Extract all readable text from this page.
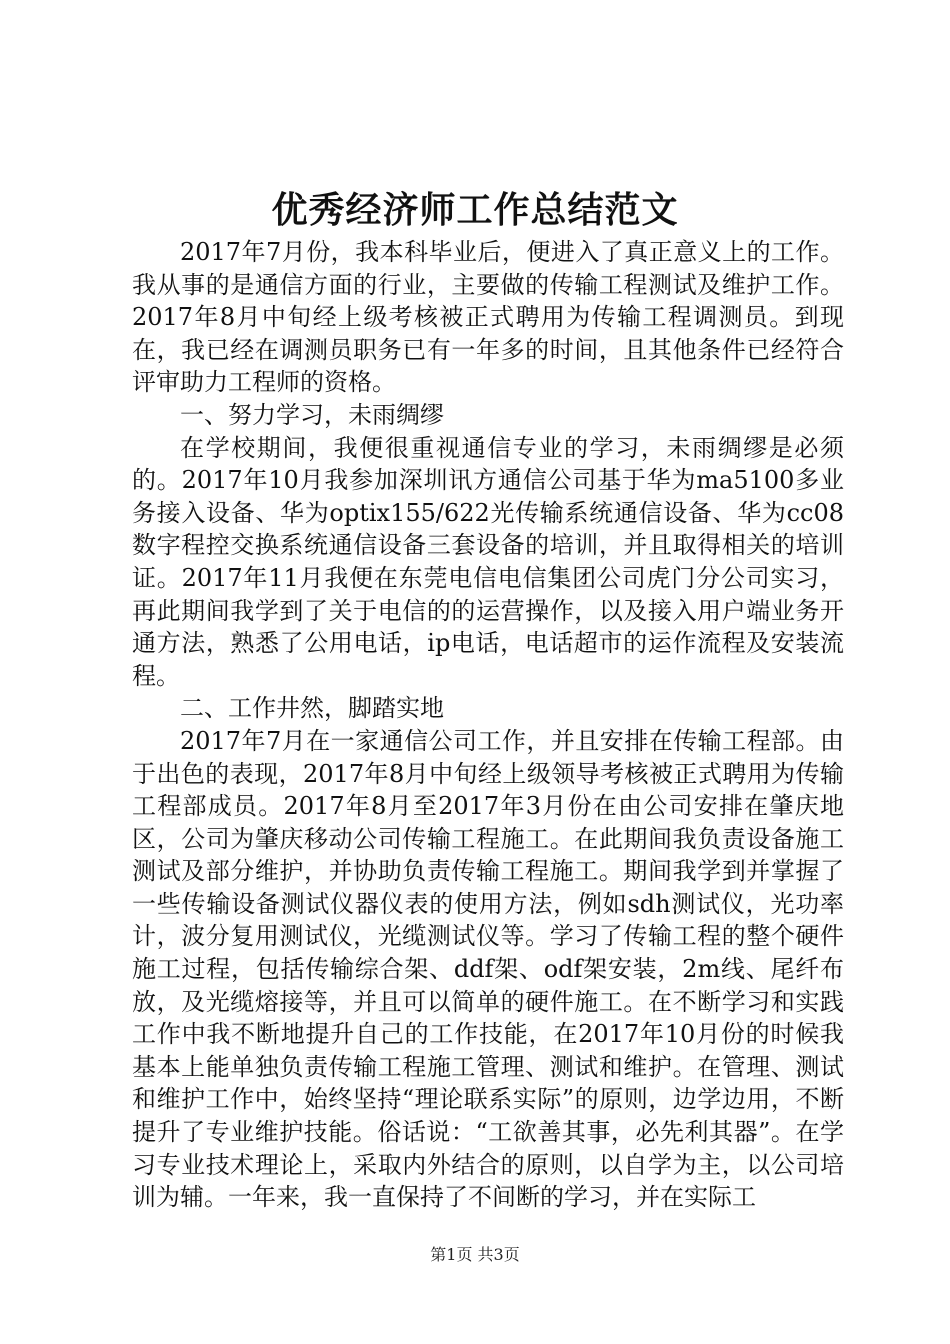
优秀经济师工作总结范文

2017年7月份，我本科毕业后，便进入了真正意义上的工作。我从事的是通信方面的行业，主要做的传输工程测试及维护工作。2017年8月中旬经上级考核被正式聘用为传输工程调测员。到现在，我已经在调测员职务已有一年多的时间，且其他条件已经符合评审助力工程师的资格。

一、努力学习，未雨绸缪

在学校期间，我便很重视通信专业的学习，未雨绸缪是必须的。2017年10月我参加深圳讯方通信公司基于华为ma5100多业务接入设备、华为optix155/622光传输系统通信设备、华为cc08数字程控交换系统通信设备三套设备的培训，并且取得相关的培训证。2017年11月我便在东莞电信电信集团公司虎门分公司实习，再此期间我学到了关于电信的的运营操作，以及接入用户端业务开通方法，熟悉了公用电话，ip电话，电话超市的运作流程及安装流程。

二、工作井然，脚踏实地

2017年7月在一家通信公司工作，并且安排在传输工程部。由于出色的表现，2017年8月中旬经上级领导考核被正式聘用为传输工程部成员。2017年8月至2017年3月份在由公司安排在肇庆地区，公司为肇庆移动公司传输工程施工。在此期间我负责设备施工测试及部分维护，并协助负责传输工程施工。期间我学到并掌握了一些传输设备测试仪器仪表的使用方法，例如sdh测试仪，光功率计，波分复用测试仪，光缆测试仪等。学习了传输工程的整个硬件施工过程，包括传输综合架、ddf架、odf架安装，2m线、尾纤布放，及光缆熔接等，并且可以简单的硬件施工。在不断学习和实践工作中我不断地提升自己的工作技能，在2017年10月份的时候我基本上能单独负责传输工程施工管理、测试和维护。在管理、测试和维护工作中，始终坚持“理论联系实际”的原则，边学边用，不断提升了专业维护技能。俗话说：“工欲善其事，必先利其器”。在学习专业技术理论上，采取内外结合的原则，以自学为主，以公司培训为辅。一年来，我一直保持了不间断的学习，并在实际工

第1页 共3页
